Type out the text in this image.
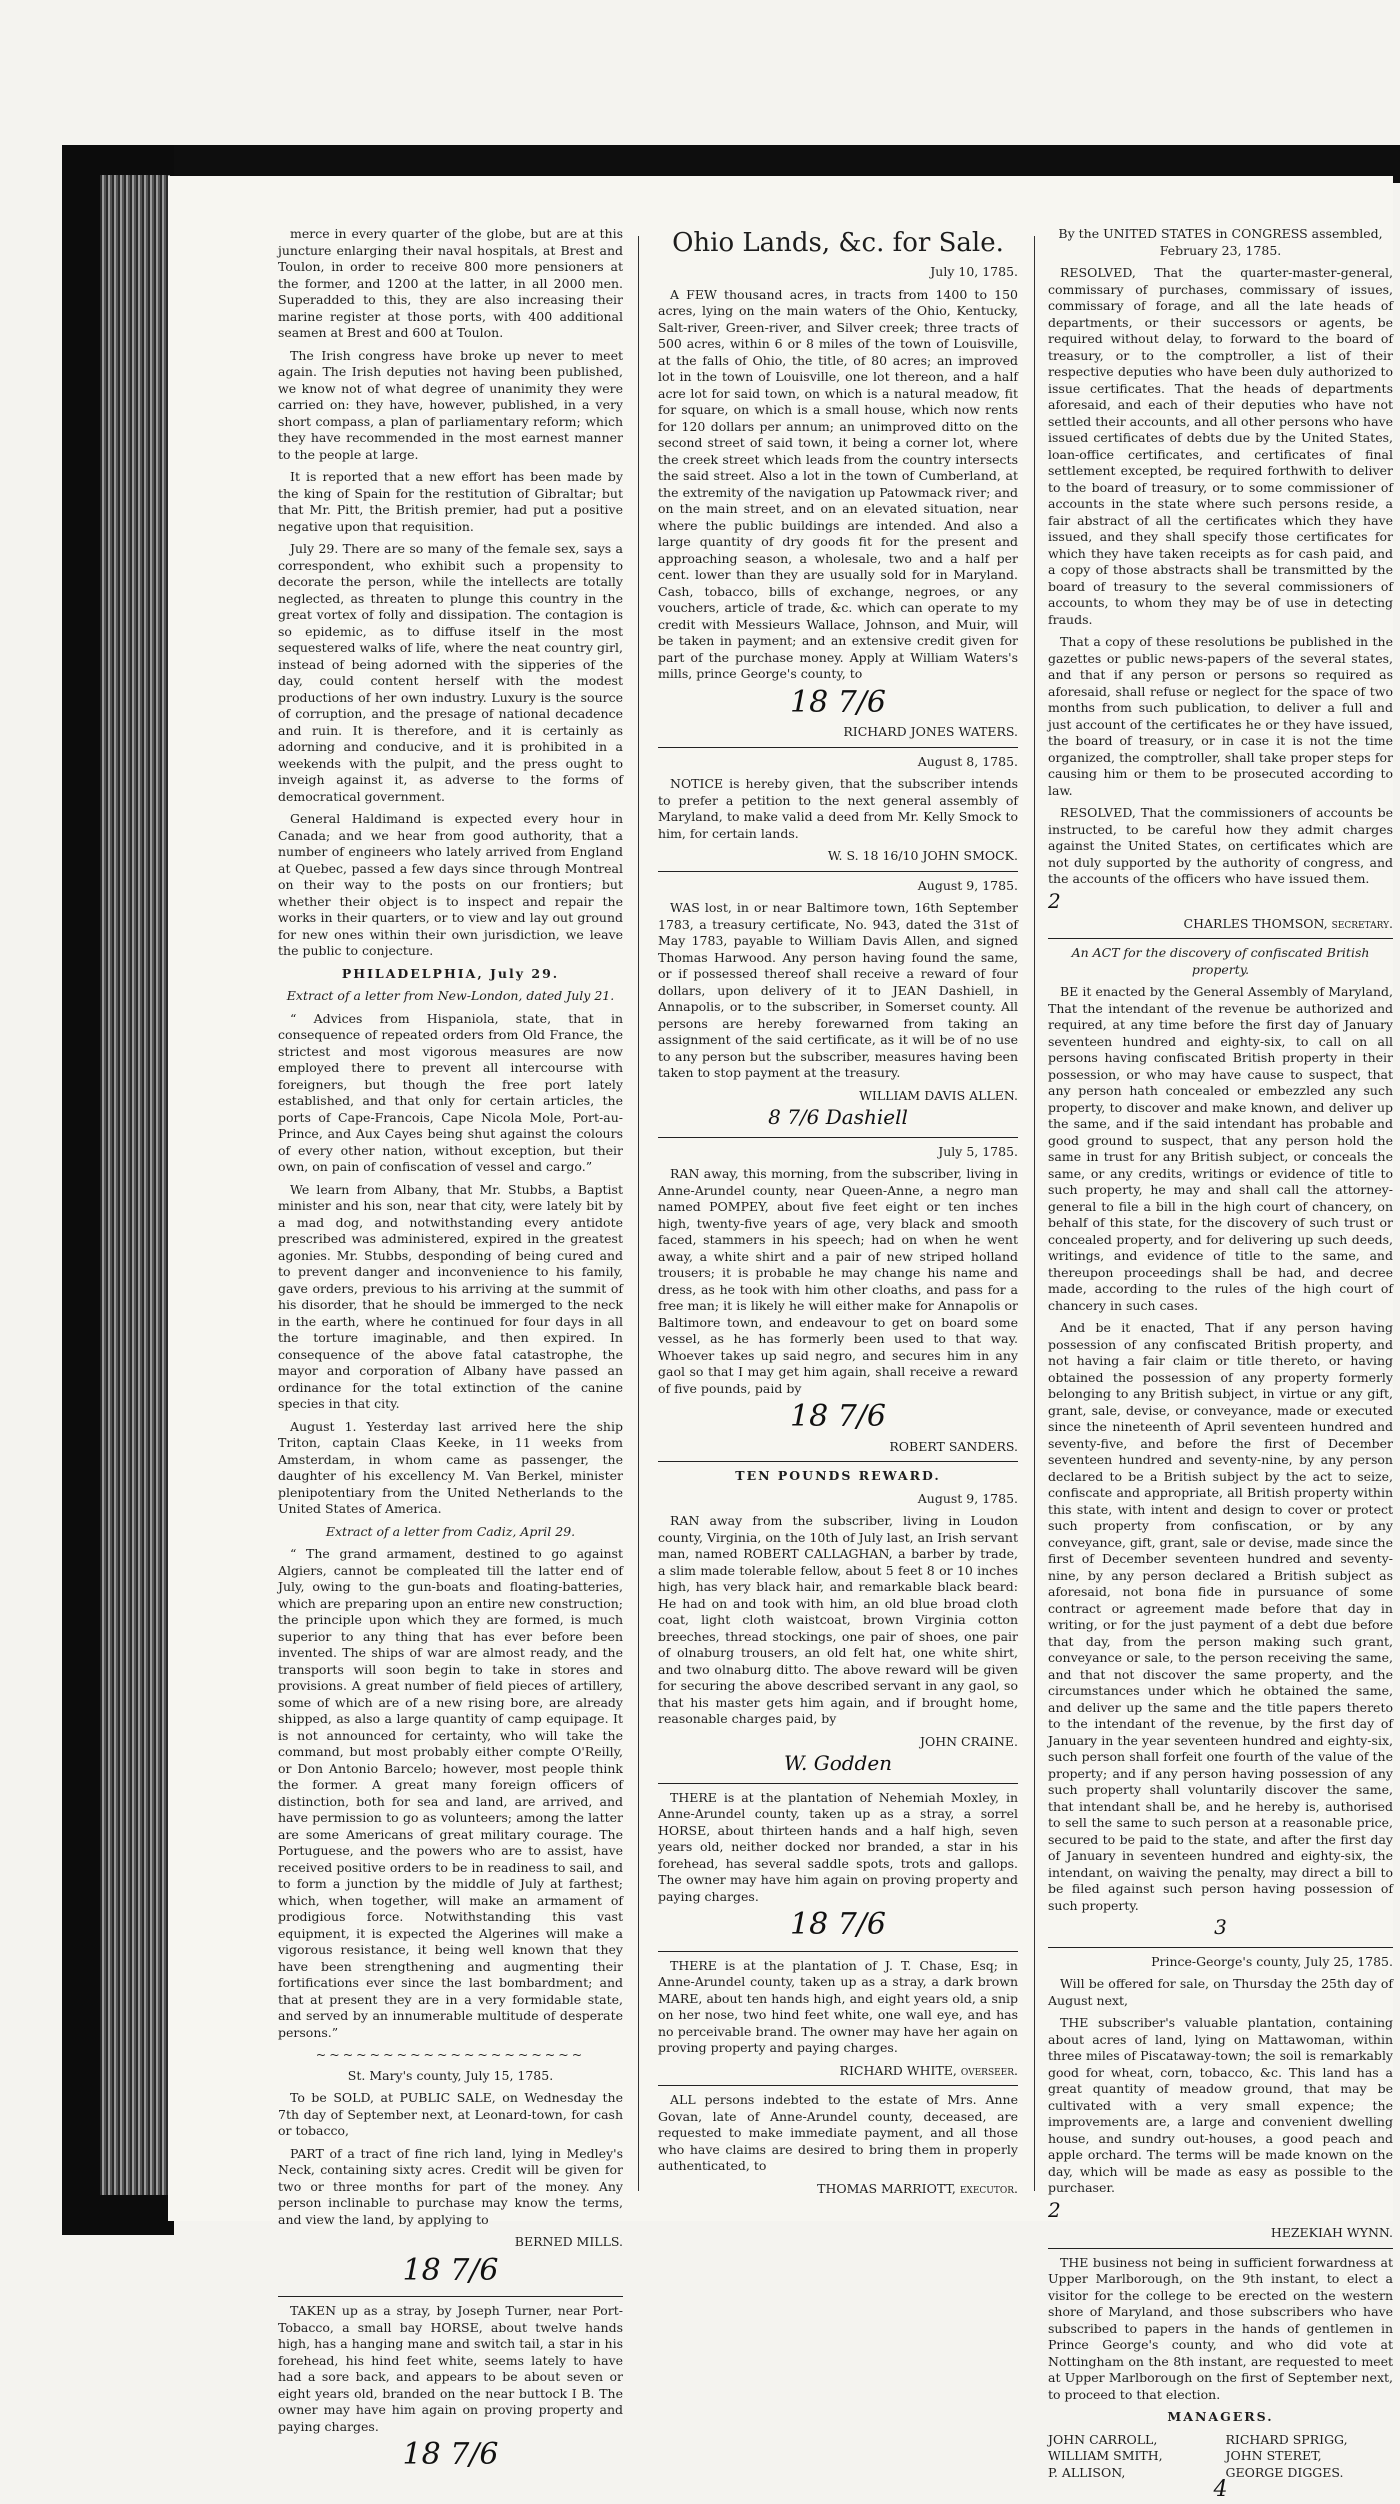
merce in every quarter of the globe, but are at this juncture enlarging their naval hospitals, at Brest and Toulon, in order to receive 800 more pensioners at the former, and 1200 at the latter, in all 2000 men. Superadded to this, they are also increasing their marine register at those ports, with 400 additional seamen at Brest and 600 at Toulon.

The Irish congress have broke up never to meet again. The Irish deputies not having been published, we know not of what degree of unanimity they were carried on: they have, however, published, in a very short compass, a plan of parliamentary reform; which they have recommended in the most earnest manner to the people at large.

It is reported that a new effort has been made by the king of Spain for the restitution of Gibraltar; but that Mr. Pitt, the British premier, had put a positive negative upon that requisition.

July 29. There are so many of the female sex, says a correspondent, who exhibit such a propensity to decorate the person, while the intellects are totally neglected, as threaten to plunge this country in the great vortex of folly and dissipation. The contagion is so epidemic, as to diffuse itself in the most sequestered walks of life, where the neat country girl, instead of being adorned with the sipperies of the day, could content herself with the modest productions of her own industry. Luxury is the source of corruption, and the presage of national decadence and ruin. It is therefore, and it is certainly as adorning and conducive, and it is prohibited in a weekends with the pulpit, and the press ought to inveigh against it, as adverse to the forms of democratical government.

General Haldimand is expected every hour in Canada; and we hear from good authority, that a number of engineers who lately arrived from England at Quebec, passed a few days since through Montreal on their way to the posts on our frontiers; but whether their object is to inspect and repair the works in their quarters, or to view and lay out ground for new ones within their own jurisdiction, we leave the public to conjecture.

PHILADELPHIA, July 29.

Extract of a letter from New-London, dated July 21.

“ Advices from Hispaniola, state, that in consequence of repeated orders from Old France, the strictest and most vigorous measures are now employed there to prevent all intercourse with foreigners, but though the free port lately established, and that only for certain articles, the ports of Cape-Francois, Cape Nicola Mole, Port-au-Prince, and Aux Cayes being shut against the colours of every other nation, without exception, but their own, on pain of confiscation of vessel and cargo.”

We learn from Albany, that Mr. Stubbs, a Baptist minister and his son, near that city, were lately bit by a mad dog, and notwithstanding every antidote prescribed was administered, expired in the greatest agonies. Mr. Stubbs, desponding of being cured and to prevent danger and inconvenience to his family, gave orders, previous to his arriving at the summit of his disorder, that he should be immerged to the neck in the earth, where he continued for four days in all the torture imaginable, and then expired. In consequence of the above fatal catastrophe, the mayor and corporation of Albany have passed an ordinance for the total extinction of the canine species in that city.

August 1. Yesterday last arrived here the ship Triton, captain Claas Keeke, in 11 weeks from Amsterdam, in whom came as passenger, the daughter of his excellency M. Van Berkel, minister plenipotentiary from the United Netherlands to the United States of America.

Extract of a letter from Cadiz, April 29.

“ The grand armament, destined to go against Algiers, cannot be compleated till the latter end of July, owing to the gun-boats and floating-batteries, which are preparing upon an entire new construction; the principle upon which they are formed, is much superior to any thing that has ever before been invented. The ships of war are almost ready, and the transports will soon begin to take in stores and provisions. A great number of field pieces of artillery, some of which are of a new rising bore, are already shipped, as also a large quantity of camp equipage. It is not announced for certainty, who will take the command, but most probably either compte O'Reilly, or Don Antonio Barcelo; however, most people think the former. A great many foreign officers of distinction, both for sea and land, are arrived, and have permission to go as volunteers; among the latter are some Americans of great military courage. The Portuguese, and the powers who are to assist, have received positive orders to be in readiness to sail, and to form a junction by the middle of July at farthest; which, when together, will make an armament of prodigious force. Notwithstanding this vast equipment, it is expected the Algerines will make a vigorous resistance, it being well known that they have been strengthening and augmenting their fortifications ever since the last bombardment; and that at present they are in a very formidable state, and served by an innumerable multitude of desperate persons.”

~~~~~~~~~~~~~~~~~~~~

St. Mary's county, July 15, 1785.

To be SOLD, at PUBLIC SALE, on Wednesday the 7th day of September next, at Leonard-town, for cash or tobacco,

PART of a tract of fine rich land, lying in Medley's Neck, containing sixty acres. Credit will be given for two or three months for part of the money. Any person inclinable to purchase may know the terms, and view the land, by applying to

BERNED MILLS.

18 7/6

TAKEN up as a stray, by Joseph Turner, near Port-Tobacco, a small bay HORSE, about twelve hands high, has a hanging mane and switch tail, a star in his forehead, his hind feet white, seems lately to have had a sore back, and appears to be about seven or eight years old, branded on the near buttock I B. The owner may have him again on proving property and paying charges.

18 7/6

Ohio Lands, &c. for Sale.

July 10, 1785.

A FEW thousand acres, in tracts from 1400 to 150 acres, lying on the main waters of the Ohio, Kentucky, Salt-river, Green-river, and Silver creek; three tracts of 500 acres, within 6 or 8 miles of the town of Louisville, at the falls of Ohio, the title, of 80 acres; an improved lot in the town of Louisville, one lot thereon, and a half acre lot for said town, on which is a natural meadow, fit for square, on which is a small house, which now rents for 120 dollars per annum; an unimproved ditto on the second street of said town, it being a corner lot, where the creek street which leads from the country intersects the said street. Also a lot in the town of Cumberland, at the extremity of the navigation up Patowmack river; and on the main street, and on an elevated situation, near where the public buildings are intended. And also a large quantity of dry goods fit for the present and approaching season, a wholesale, two and a half per cent. lower than they are usually sold for in Maryland. Cash, tobacco, bills of exchange, negroes, or any vouchers, article of trade, &c. which can operate to my credit with Messieurs Wallace, Johnson, and Muir, will be taken in payment; and an extensive credit given for part of the purchase money. Apply at William Waters's mills, prince George's county, to

18 7/6

RICHARD JONES WATERS.

August 8, 1785.

NOTICE is hereby given, that the subscriber intends to prefer a petition to the next general assembly of Maryland, to make valid a deed from Mr. Kelly Smock to him, for certain lands.

W. S. 18 16/10 JOHN SMOCK.

August 9, 1785.

WAS lost, in or near Baltimore town, 16th September 1783, a treasury certificate, No. 943, dated the 31st of May 1783, payable to William Davis Allen, and signed Thomas Harwood. Any person having found the same, or if possessed thereof shall receive a reward of four dollars, upon delivery of it to JEAN Dashiell, in Annapolis, or to the subscriber, in Somerset county. All persons are hereby forewarned from taking an assignment of the said certificate, as it will be of no use to any person but the subscriber, measures having been taken to stop payment at the treasury.

WILLIAM DAVIS ALLEN.

8 7/6 Dashiell

July 5, 1785.

RAN away, this morning, from the subscriber, living in Anne-Arundel county, near Queen-Anne, a negro man named POMPEY, about five feet eight or ten inches high, twenty-five years of age, very black and smooth faced, stammers in his speech; had on when he went away, a white shirt and a pair of new striped holland trousers; it is probable he may change his name and dress, as he took with him other cloaths, and pass for a free man; it is likely he will either make for Annapolis or Baltimore town, and endeavour to get on board some vessel, as he has formerly been used to that way. Whoever takes up said negro, and secures him in any gaol so that I may get him again, shall receive a reward of five pounds, paid by

18 7/6

ROBERT SANDERS.

TEN POUNDS REWARD.

August 9, 1785.

RAN away from the subscriber, living in Loudon county, Virginia, on the 10th of July last, an Irish servant man, named ROBERT CALLAGHAN, a barber by trade, a slim made tolerable fellow, about 5 feet 8 or 10 inches high, has very black hair, and remarkable black beard: He had on and took with him, an old blue broad cloth coat, light cloth waistcoat, brown Virginia cotton breeches, thread stockings, one pair of shoes, one pair of olnaburg trousers, an old felt hat, one white shirt, and two olnaburg ditto. The above reward will be given for securing the above described servant in any gaol, so that his master gets him again, and if brought home, reasonable charges paid, by

JOHN CRAINE.

W. Godden

THERE is at the plantation of Nehemiah Moxley, in Anne-Arundel county, taken up as a stray, a sorrel HORSE, about thirteen hands and a half high, seven years old, neither docked nor branded, a star in his forehead, has several saddle spots, trots and gallops. The owner may have him again on proving property and paying charges.

18 7/6

THERE is at the plantation of J. T. Chase, Esq; in Anne-Arundel county, taken up as a stray, a dark brown MARE, about ten hands high, and eight years old, a snip on her nose, two hind feet white, one wall eye, and has no perceivable brand. The owner may have her again on proving property and paying charges.

RICHARD WHITE, overseer.

ALL persons indebted to the estate of Mrs. Anne Govan, late of Anne-Arundel county, deceased, are requested to make immediate payment, and all those who have claims are desired to bring them in properly authenticated, to

THOMAS MARRIOTT, executor.

By the UNITED STATES in CONGRESS assembled, February 23, 1785.

RESOLVED, That the quarter-master-general, commissary of purchases, commissary of issues, commissary of forage, and all the late heads of departments, or their successors or agents, be required without delay, to forward to the board of treasury, or to the comptroller, a list of their respective deputies who have been duly authorized to issue certificates. That the heads of departments aforesaid, and each of their deputies who have not settled their accounts, and all other persons who have issued certificates of debts due by the United States, loan-office certificates, and certificates of final settlement excepted, be required forthwith to deliver to the board of treasury, or to some commissioner of accounts in the state where such persons reside, a fair abstract of all the certificates which they have issued, and they shall specify those certificates for which they have taken receipts as for cash paid, and a copy of those abstracts shall be transmitted by the board of treasury to the several commissioners of accounts, to whom they may be of use in detecting frauds.

That a copy of these resolutions be published in the gazettes or public news-papers of the several states, and that if any person or persons so required as aforesaid, shall refuse or neglect for the space of two months from such publication, to deliver a full and just account of the certificates he or they have issued, the board of treasury, or in case it is not the time organized, the comptroller, shall take proper steps for causing him or them to be prosecuted according to law.

RESOLVED, That the commissioners of accounts be instructed, to be careful how they admit charges against the United States, on certificates which are not duly supported by the authority of congress, and the accounts of the officers who have issued them.

2

CHARLES THOMSON, secretary.

An ACT for the discovery of confiscated British property.

BE it enacted by the General Assembly of Maryland, That the intendant of the revenue be authorized and required, at any time before the first day of January seventeen hundred and eighty-six, to call on all persons having confiscated British property in their possession, or who may have cause to suspect, that any person hath concealed or embezzled any such property, to discover and make known, and deliver up the same, and if the said intendant has probable and good ground to suspect, that any person hold the same in trust for any British subject, or conceals the same, or any credits, writings or evidence of title to such property, he may and shall call the attorney-general to file a bill in the high court of chancery, on behalf of this state, for the discovery of such trust or concealed property, and for delivering up such deeds, writings, and evidence of title to the same, and thereupon proceedings shall be had, and decree made, according to the rules of the high court of chancery in such cases.

And be it enacted, That if any person having possession of any confiscated British property, and not having a fair claim or title thereto, or having obtained the possession of any property formerly belonging to any British subject, in virtue or any gift, grant, sale, devise, or conveyance, made or executed since the nineteenth of April seventeen hundred and seventy-five, and before the first of December seventeen hundred and seventy-nine, by any person declared to be a British subject by the act to seize, confiscate and appropriate, all British property within this state, with intent and design to cover or protect such property from confiscation, or by any conveyance, gift, grant, sale or devise, made since the first of December seventeen hundred and seventy-nine, by any person declared a British subject as aforesaid, not bona fide in pursuance of some contract or agreement made before that day in writing, or for the just payment of a debt due before that day, from the person making such grant, conveyance or sale, to the person receiving the same, and that not discover the same property, and the circumstances under which he obtained the same, and deliver up the same and the title papers thereto to the intendant of the revenue, by the first day of January in the year seventeen hundred and eighty-six, such person shall forfeit one fourth of the value of the property; and if any person having possession of any such property shall voluntarily discover the same, that intendant shall be, and he hereby is, authorised to sell the same to such person at a reasonable price, secured to be paid to the state, and after the first day of January in seventeen hundred and eighty-six, the intendant, on waiving the penalty, may direct a bill to be filed against such person having possession of such property.

3

Prince-George's county, July 25, 1785.

Will be offered for sale, on Thursday the 25th day of August next,

THE subscriber's valuable plantation, containing about acres of land, lying on Mattawoman, within three miles of Piscataway-town; the soil is remarkably good for wheat, corn, tobacco, &c. This land has a great quantity of meadow ground, that may be cultivated with a very small expence; the improvements are, a large and convenient dwelling house, and sundry out-houses, a good peach and apple orchard. The terms will be made known on the day, which will be made as easy as possible to the purchaser.

2

HEZEKIAH WYNN.

THE business not being in sufficient forwardness at Upper Marlborough, on the 9th instant, to elect a visitor for the college to be erected on the western shore of Maryland, and those subscribers who have subscribed to papers in the hands of gentlemen in Prince George's county, and who did vote at Nottingham on the 8th instant, are requested to meet at Upper Marlborough on the first of September next, to proceed to that election.

MANAGERS.

JOHN CARROLL,	RICHARD SPRIGG,
WILLIAM SMITH,	JOHN STERET,
P. ALLISON,	GEORGE DIGGES.

4
